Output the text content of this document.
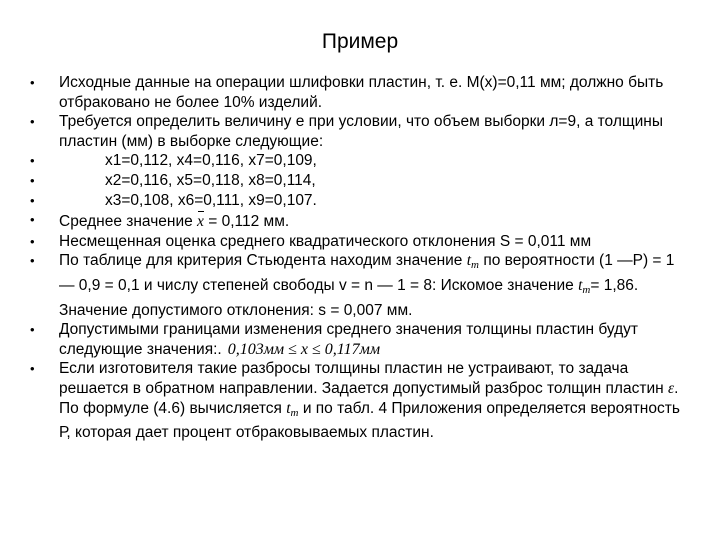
Пример
• Исходные данные на операции шлифовки пластин, т. е. M(x)=0,11 мм; должно быть отбраковано не более 10% изделий.
• Требуется определить величину е при условии, что объем выборки л=9, а толщины пластин (мм) в выборке следующие:
•	x1=0,112, x4=0,116, x7=0,109,
•	x2=0,116, x5=0,118, x8=0,114,
•	x3=0,108, x6=0,111, x9=0,107.
• Среднее значение x = 0,112 мм.
• Несмещенная оценка среднего квадратического отклонения S = 0,011 мм
• По таблице для критерия Стьюдента находим значение $t_m$ по вероятности (1 —Р) = 1 — 0,9 = 0,1 и числу степеней свободы v = n — 1 = 8: Искомое значение $t_m= 1,86$. Значение допустимого отклонения: s = 0,007 мм.
• Допустимыми границами изменения среднего значения толщины пластин будут следующие значения:. 0,103мм ≤ x ≤ 0,117мм
• Если изготовителя такие разбросы толщины пластин не устраивают, то задача решается в обратном направлении. Задается допустимый разброс толщин пластин ε. По формуле (4.6) вычисляется $t_m$ и по табл. 4 Приложения определяется вероятность Р, которая дает процент отбраковываемых пластин.
